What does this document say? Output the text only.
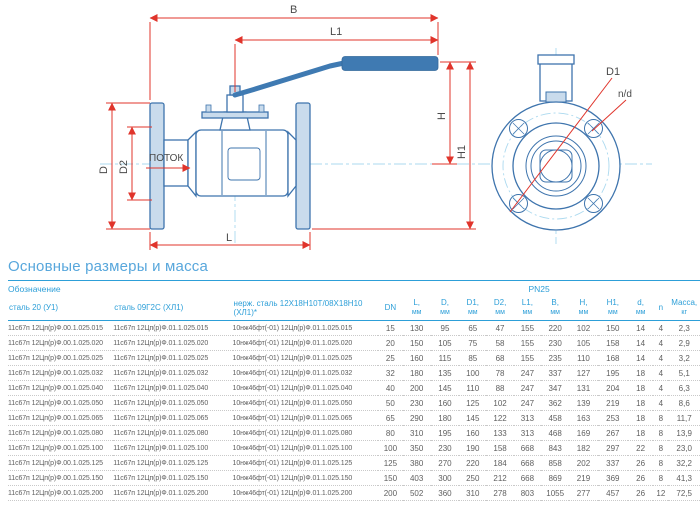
B
L1
H
H1
D D2
L
D1
n/d
ПОТОК
Основные размеры и масса
Обозначение			PN25											
сталь 20 (У1)	сталь 09Г2С (ХЛ1)	нерж. сталь 12Х18Н10Т/08Х18Н10 (ХЛ1)*	DN	L,
мм	D,
мм	D1,
мм	D2,
мм	L1,
мм	B,
мм	H,
мм	H1,
мм	d,
мм	n	Масса,
кг

11с67п 12Цп(р)Ф.00.1.025.015	11с67п 12Цп(р)Ф.01.1.025.015	10нж46фт(-01) 12Цп(р)Ф.01.1.025.015	15	130	95	65	47	155	220	102	150	14	4	2,3
11с67п 12Цп(р)Ф.00.1.025.020	11с67п 12Цп(р)Ф.01.1.025.020	10нж46фт(-01) 12Цп(р)Ф.01.1.025.020	20	150	105	75	58	155	230	105	158	14	4	2,9
11с67п 12Цп(р)Ф.00.1.025.025	11с67п 12Цп(р)Ф.01.1.025.025	10нж46фт(-01) 12Цп(р)Ф.01.1.025.025	25	160	115	85	68	155	235	110	168	14	4	3,2
11с67п 12Цп(р)Ф.00.1.025.032	11с67п 12Цп(р)Ф.01.1.025.032	10нж46фт(-01) 12Цп(р)Ф.01.1.025.032	32	180	135	100	78	247	337	127	195	18	4	5,1
11с67п 12Цп(р)Ф.00.1.025.040	11с67п 12Цп(р)Ф.01.1.025.040	10нж46фт(-01) 12Цп(р)Ф.01.1.025.040	40	200	145	110	88	247	347	131	204	18	4	6,3
11с67п 12Цп(р)Ф.00.1.025.050	11с67п 12Цп(р)Ф.01.1.025.050	10нж46фт(-01) 12Цп(р)Ф.01.1.025.050	50	230	160	125	102	247	362	139	219	18	4	8,6
11с67п 12Цп(р)Ф.00.1.025.065	11с67п 12Цп(р)Ф.01.1.025.065	10нж46фт(-01) 12Цп(р)Ф.01.1.025.065	65	290	180	145	122	313	458	163	253	18	8	11,7
11с67п 12Цп(р)Ф.00.1.025.080	11с67п 12Цп(р)Ф.01.1.025.080	10нж46фт(-01) 12Цп(р)Ф.01.1.025.080	80	310	195	160	133	313	468	169	267	18	8	13,9
11с67п 12Цп(р)Ф.00.1.025.100	11с67п 12Цп(р)Ф.01.1.025.100	10нж46фт(-01) 12Цп(р)Ф.01.1.025.100	100	350	230	190	158	668	843	182	297	22	8	23,0
11с67п 12Цп(р)Ф.00.1.025.125	11с67п 12Цп(р)Ф.01.1.025.125	10нж46фт(-01) 12Цп(р)Ф.01.1.025.125	125	380	270	220	184	668	858	202	337	26	8	32,2
11с67п 12Цп(р)Ф.00.1.025.150	11с67п 12Цп(р)Ф.01.1.025.150	10нж46фт(-01) 12Цп(р)Ф.01.1.025.150	150	403	300	250	212	668	869	219	369	26	8	41,3
11с67п 12Цп(р)Ф.00.1.025.200	11с67п 12Цп(р)Ф.01.1.025.200	10нж46фт(-01) 12Цп(р)Ф.01.1.025.200	200	502	360	310	278	803	1055	277	457	26	12	72,5
